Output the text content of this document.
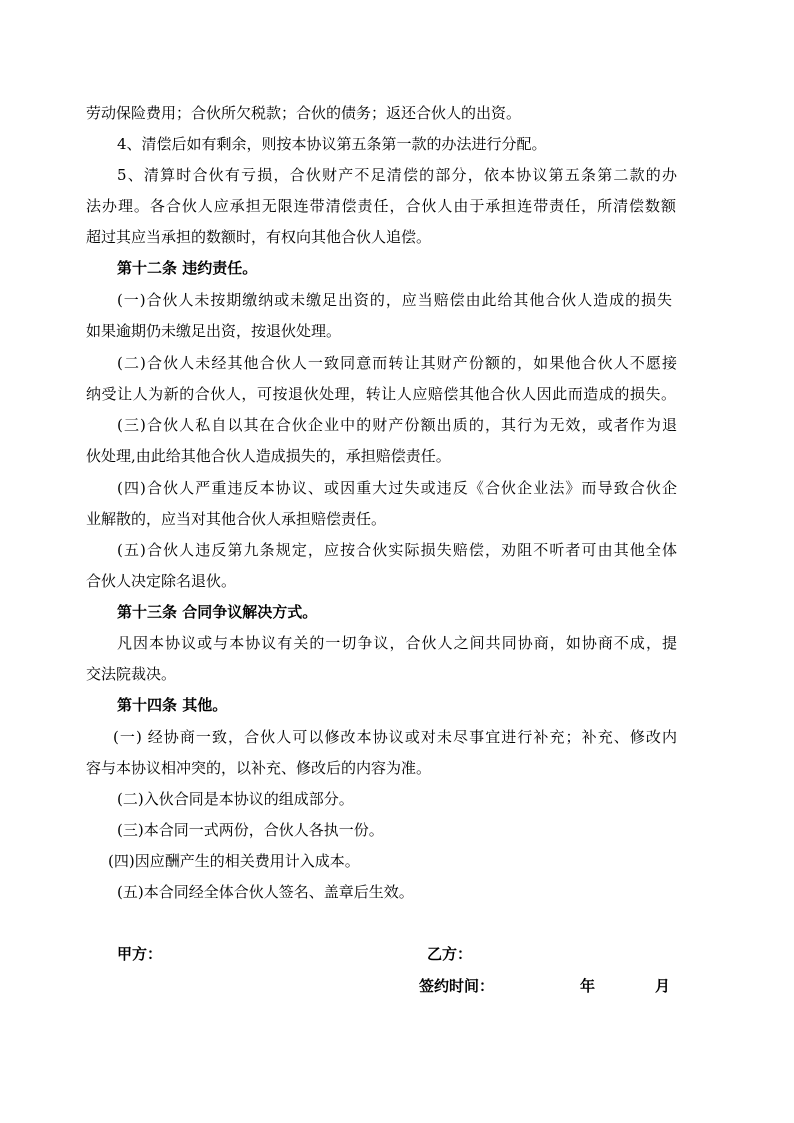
劳动保险费用；合伙所欠税款；合伙的债务；返还合伙人的出资。
4、清偿后如有剩余，则按本协议第五条第一款的办法进行分配。
5、清算时合伙有亏损，合伙财产不足清偿的部分，依本协议第五条第二款的办
法办理。各合伙人应承担无限连带清偿责任，合伙人由于承担连带责任，所清偿数额
超过其应当承担的数额时，有权向其他合伙人追偿。
第十二条 违约责任。
(一)合伙人未按期缴纳或未缴足出资的，应当赔偿由此给其他合伙人造成的损失
如果逾期仍未缴足出资，按退伙处理。
(二)合伙人未经其他合伙人一致同意而转让其财产份额的，如果他合伙人不愿接
纳受让人为新的合伙人，可按退伙处理，转让人应赔偿其他合伙人因此而造成的损失。
(三)合伙人私自以其在合伙企业中的财产份额出质的，其行为无效，或者作为退
伙处理,由此给其他合伙人造成损失的，承担赔偿责任。
(四)合伙人严重违反本协议、或因重大过失或违反《合伙企业法》而导致合伙企
业解散的，应当对其他合伙人承担赔偿责任。
(五)合伙人违反第九条规定，应按合伙实际损失赔偿，劝阻不听者可由其他全体
合伙人决定除名退伙。
第十三条 合同争议解决方式。
凡因本协议或与本协议有关的一切争议，合伙人之间共同协商，如协商不成，提
交法院裁决。
第十四条 其他。
(一) 经协商一致，合伙人可以修改本协议或对未尽事宜进行补充；补充、修改内
容与本协议相冲突的，以补充、修改后的内容为准。
(二)入伙合同是本协议的组成部分。
(三)本合同一式两份，合伙人各执一份。
(四)因应酬产生的相关费用计入成本。
(五)本合同经全体合伙人签名、盖章后生效。
甲方：	乙方：
签约时间：	年	月
